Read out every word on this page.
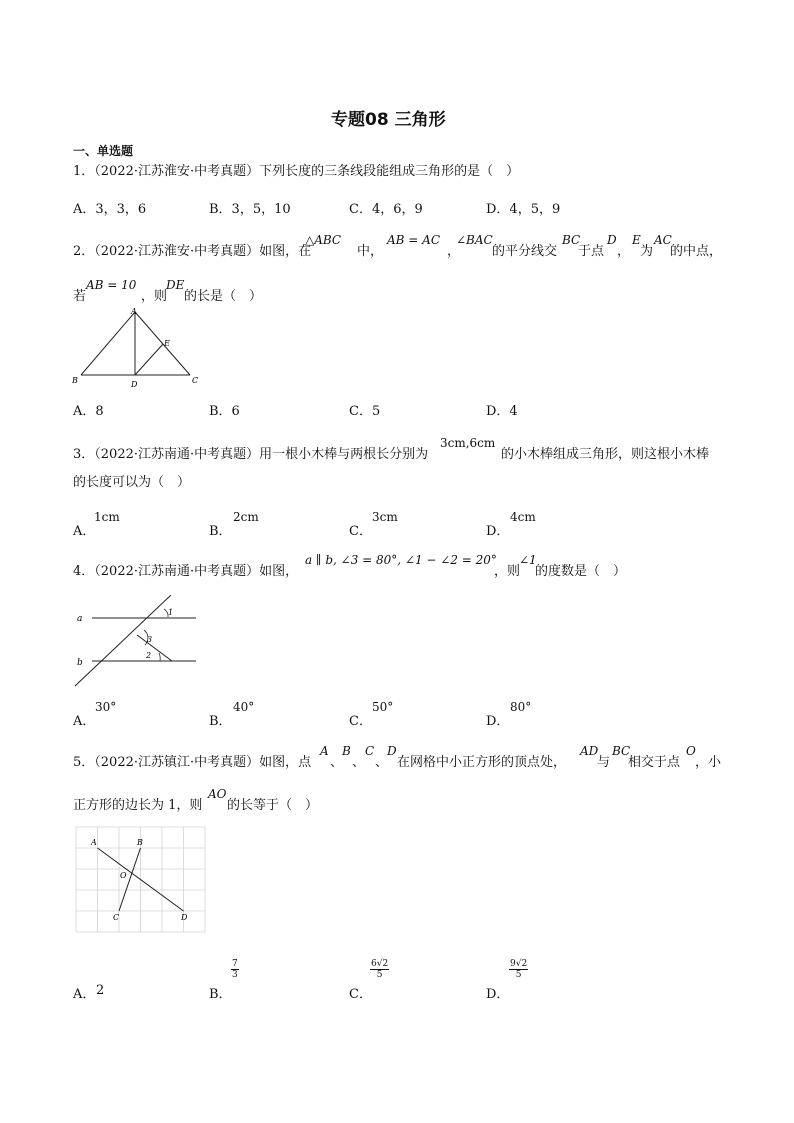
专题08 三角形
一、单选题
1．（2022·江苏淮安·中考真题）下列长度的三条线段能组成三角形的是（　）
A．3，3，6	B．3，5，10	C．4，6，9	D．4，5，9
2．（2022·江苏淮安·中考真题）如图，在
△ABC
中，
AB = AC
，
∠BAC
的平分线交
BC
于点
D
，
E
为
AC
的中点，
若
AB = 10
，则
DE
的长是（　）
A
B	C
D
E
A．8	B．6	C．5	D．4
3．（2022·江苏南通·中考真题）用一根小木棒与两根长分别为
3cm,6cm
的小木棒组成三角形，则这根小木棒
的长度可以为（　）
A．
1cm
B．
2cm
C．
3cm
D．
4cm
4．（2022·江苏南通·中考真题）如图，
a ∥ b, ∠3 = 80°, ∠1 − ∠2 = 20°
，则
∠1
的度数是（　）
a
b
1
3
2
A．
30°
B．
40°
C．
50°
D．
80°
5．（2022·江苏镇江·中考真题）如图，点
A
、
B
、
C
、
D
在网格中小正方形的顶点处，
AD
与
BC
相交于点
O
，小
正方形的边长为 1，则
AO
的长等于（　）
A	B
O
C	D
A． 2	B．
$\frac{7}{3}$
C．
$\frac{6√2}{5}$
D．
$\frac{9√2}{5}$
